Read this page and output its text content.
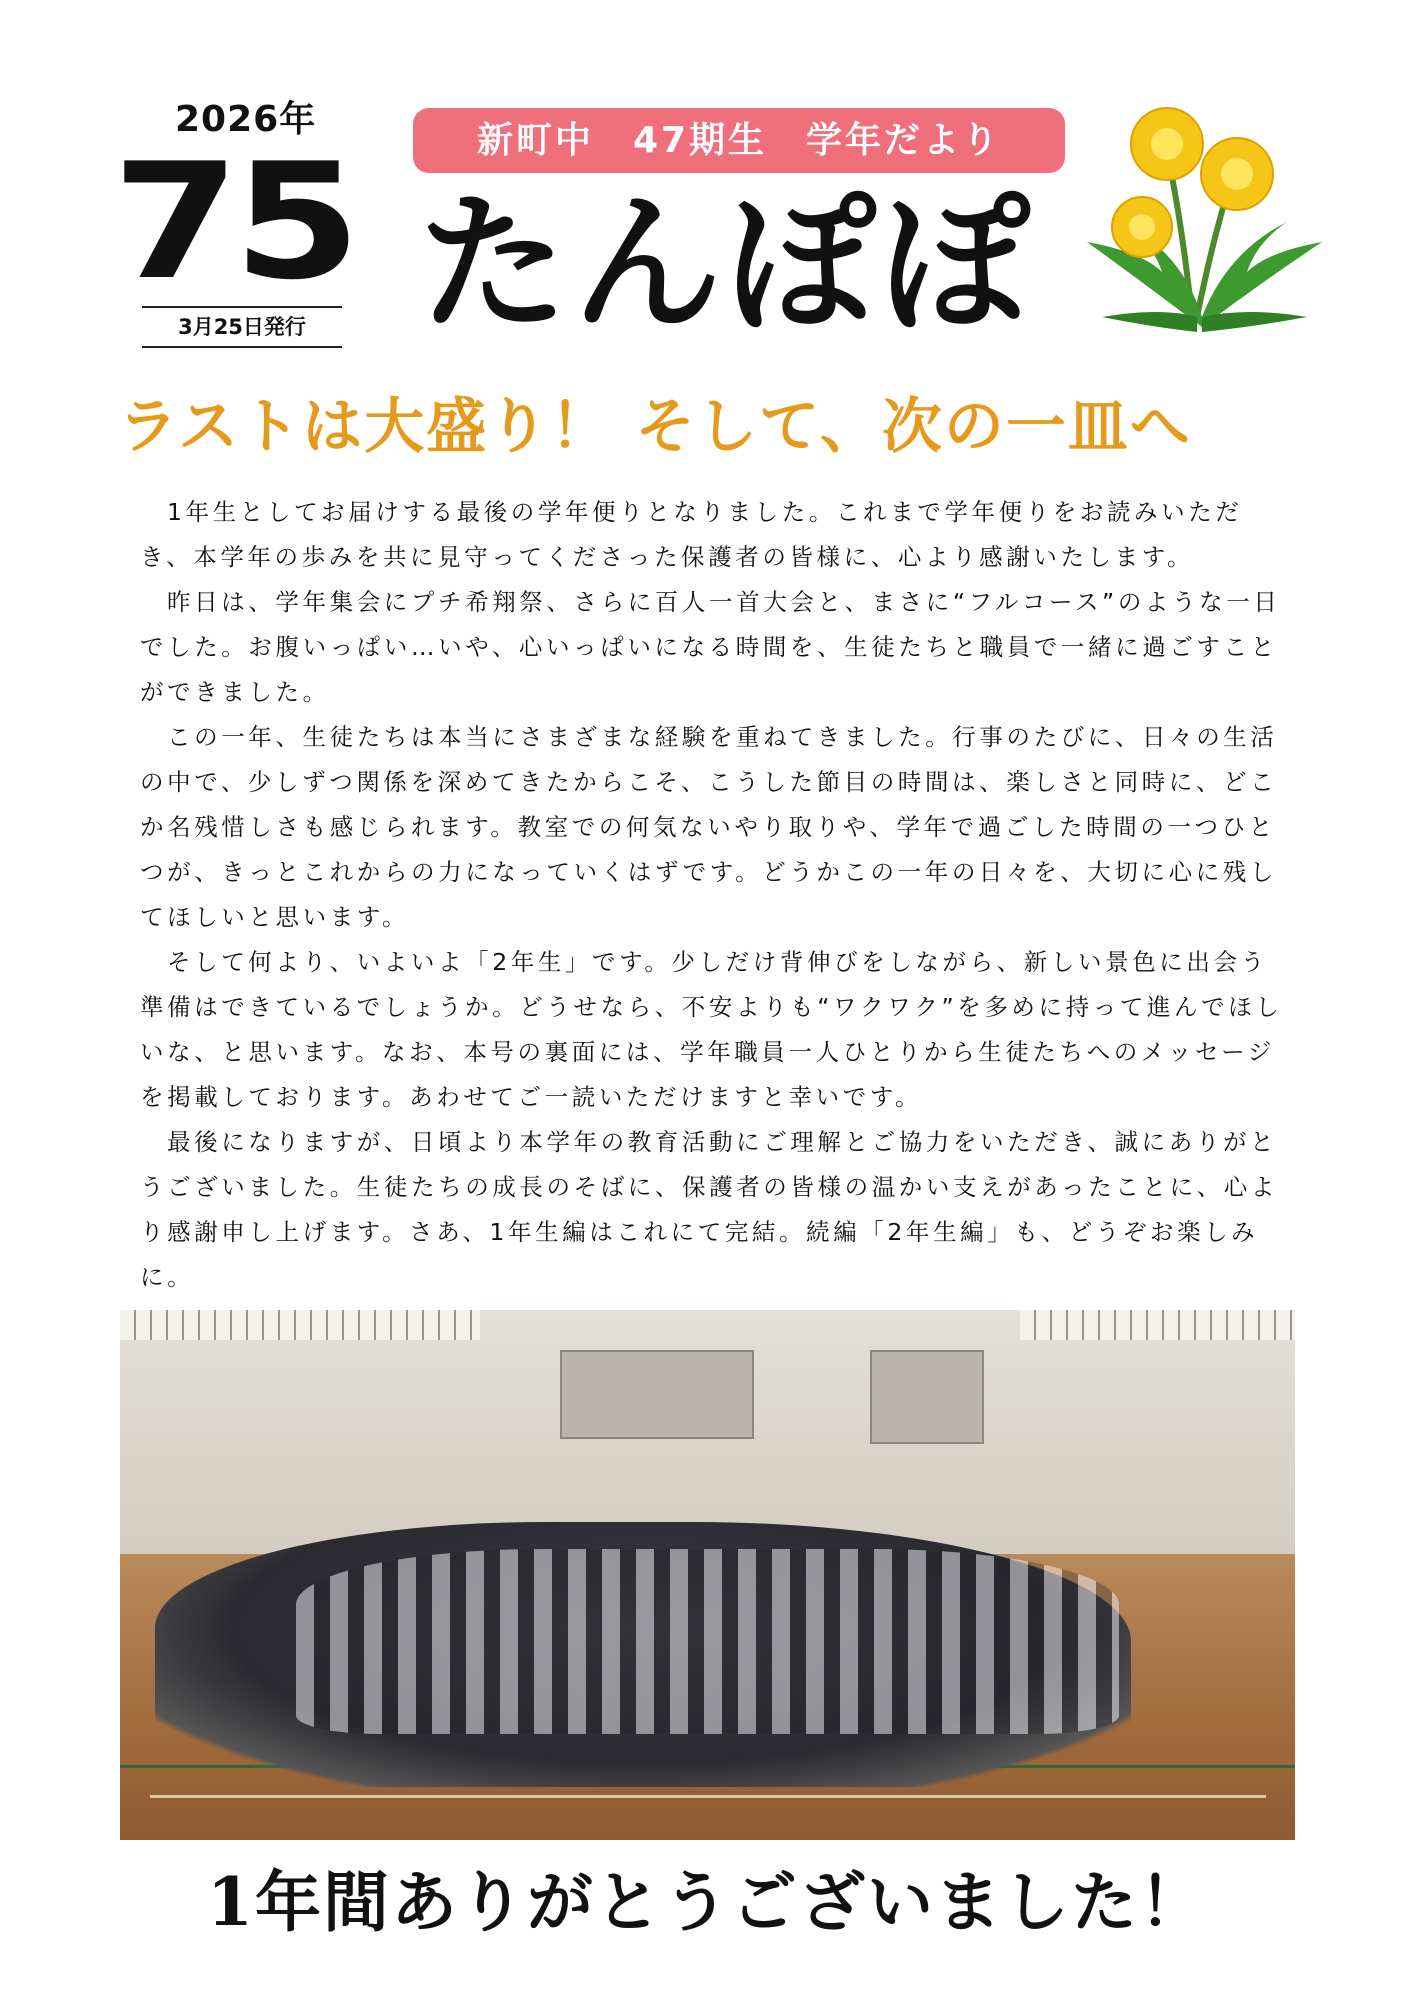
2026年
75
3月25日発行
新町中　47期生　学年だより
たんぽぽ
ラストは大盛り！ そして、次の一皿へ
1年生としてお届けする最後の学年便りとなりました。これまで学年便りをお読みいただ
き、本学年の歩みを共に見守ってくださった保護者の皆様に、心より感謝いたします。
昨日は、学年集会にプチ希翔祭、さらに百人一首大会と、まさに“フルコース”のような一日
でした。お腹いっぱい…いや、心いっぱいになる時間を、生徒たちと職員で一緒に過ごすこと
ができました。
この一年、生徒たちは本当にさまざまな経験を重ねてきました。行事のたびに、日々の生活
の中で、少しずつ関係を深めてきたからこそ、こうした節目の時間は、楽しさと同時に、どこ
か名残惜しさも感じられます。教室での何気ないやり取りや、学年で過ごした時間の一つひと
つが、きっとこれからの力になっていくはずです。どうかこの一年の日々を、大切に心に残し
てほしいと思います。
そして何より、いよいよ「2年生」です。少しだけ背伸びをしながら、新しい景色に出会う
準備はできているでしょうか。どうせなら、不安よりも“ワクワク”を多めに持って進んでほし
いな、と思います。なお、本号の裏面には、学年職員一人ひとりから生徒たちへのメッセージ
を掲載しております。あわせてご一読いただけますと幸いです。
最後になりますが、日頃より本学年の教育活動にご理解とご協力をいただき、誠にありがと
うございました。生徒たちの成長のそばに、保護者の皆様の温かい支えがあったことに、心よ
り感謝申し上げます。さあ、1年生編はこれにて完結。続編「2年生編」も、どうぞお楽しみ
に。
1年間ありがとうございました！
